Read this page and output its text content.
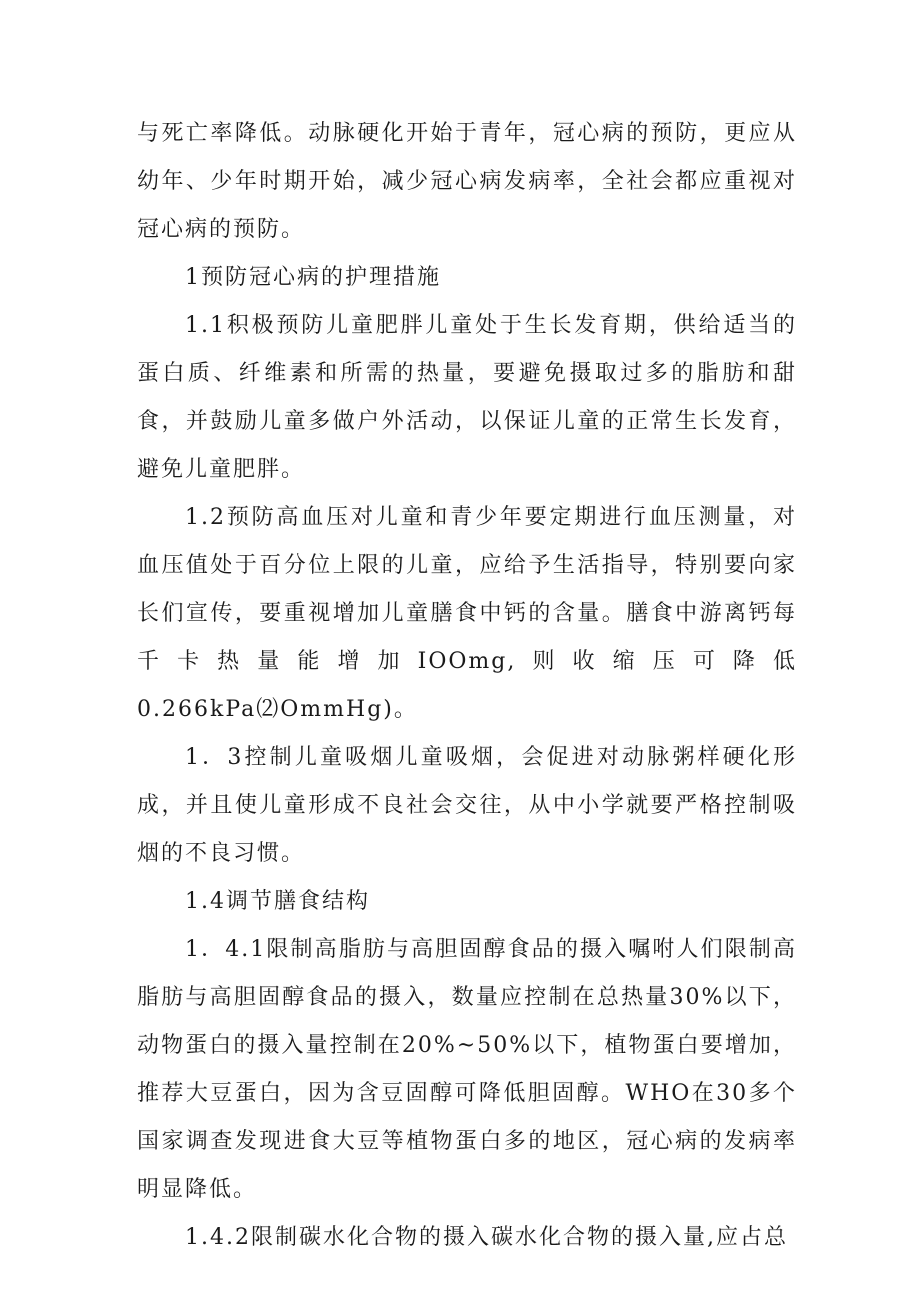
与死亡率降低。动脉硬化开始于青年，冠心病的预防，更应从幼年、少年时期开始，减少冠心病发病率，全社会都应重视对冠心病的预防。

1预防冠心病的护理措施

1.1积极预防儿童肥胖儿童处于生长发育期，供给适当的蛋白质、纤维素和所需的热量，要避免摄取过多的脂肪和甜食，并鼓励儿童多做户外活动，以保证儿童的正常生长发育，避免儿童肥胖。

1.2预防高血压对儿童和青少年要定期进行血压测量，对血压值处于百分位上限的儿童，应给予生活指导，特别要向家长们宣传，要重视增加儿童膳食中钙的含量。膳食中游离钙每千卡热量能增加IOOmg,则收缩压可降低0.266kPa⑵OmmHg)。

1．3控制儿童吸烟儿童吸烟，会促进对动脉粥样硬化形成，并且使儿童形成不良社会交往，从中小学就要严格控制吸烟的不良习惯。

1.4调节膳食结构

1．4.1限制高脂肪与高胆固醇食品的摄入嘱咐人们限制高脂肪与高胆固醇食品的摄入，数量应控制在总热量30%以下，动物蛋白的摄入量控制在20%~50%以下，植物蛋白要增加，推荐大豆蛋白，因为含豆固醇可降低胆固醇。WHO在30多个国家调查发现进食大豆等植物蛋白多的地区，冠心病的发病率明显降低。

1.4.2限制碳水化合物的摄入碳水化合物的摄入量,应占总
